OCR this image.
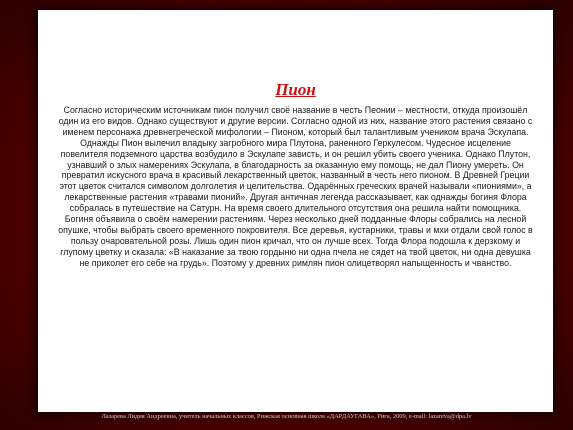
Пион

Согласно историческим источникам пион получил своё название в честь Пеонии – местности, откуда произошёл один из его видов. Однако существуют и другие версии. Согласно одной из них, название этого растения связано с именем персонажа древнегреческой мифологии – Пионом, который был талантливым учеником врача Эскулапа. Однажды Пион вылечил владыку загробного мира Плутона, раненного Геркулесом. Чудесное исцеление повелителя подземного царства возбудило в Эскулапе зависть, и он решил убить своего ученика. Однако Плутон, узнавший о злых намерениях Эскулапа, в благодарность за оказанную ему помощь, не дал Пиону умереть. Он превратил искусного врача в красивый лекарственный цветок, названный в честь него пионом. В Древней Греции этот цветок считался символом долголетия и целительства. Одарённых греческих врачей называли «пиониями», а лекарственные растения «травами пионий». Другая античная легенда рассказывает, как однажды богиня Флора собралась в путешествие на Сатурн. На время своего длительного отсутствия она решила найти помощника. Богиня объявила о своём намерении растениям. Через несколько дней подданные Флоры собрались на лесной опушке, чтобы выбрать своего временного покровителя. Все деревья, кустарники, травы и мхи отдали свой голос в пользу очаровательной розы. Лишь один пион кричал, что он лучше всех. Тогда Флора подошла к дерзкому и глупому цветку и сказала: «В наказание за твою гордыню ни одна пчела не сядет на твой цветок, ни одна девушка не приколет его себе на грудь». Поэтому у древних римлян пион олицетворял напыщенность и чванство.

Лазарева Лидия Андреевна, учитель начальных классов, Рижская основная школа «ДАРДАУГАВА», Рига, 2009, e-mail: lazareva@dpa.lv
